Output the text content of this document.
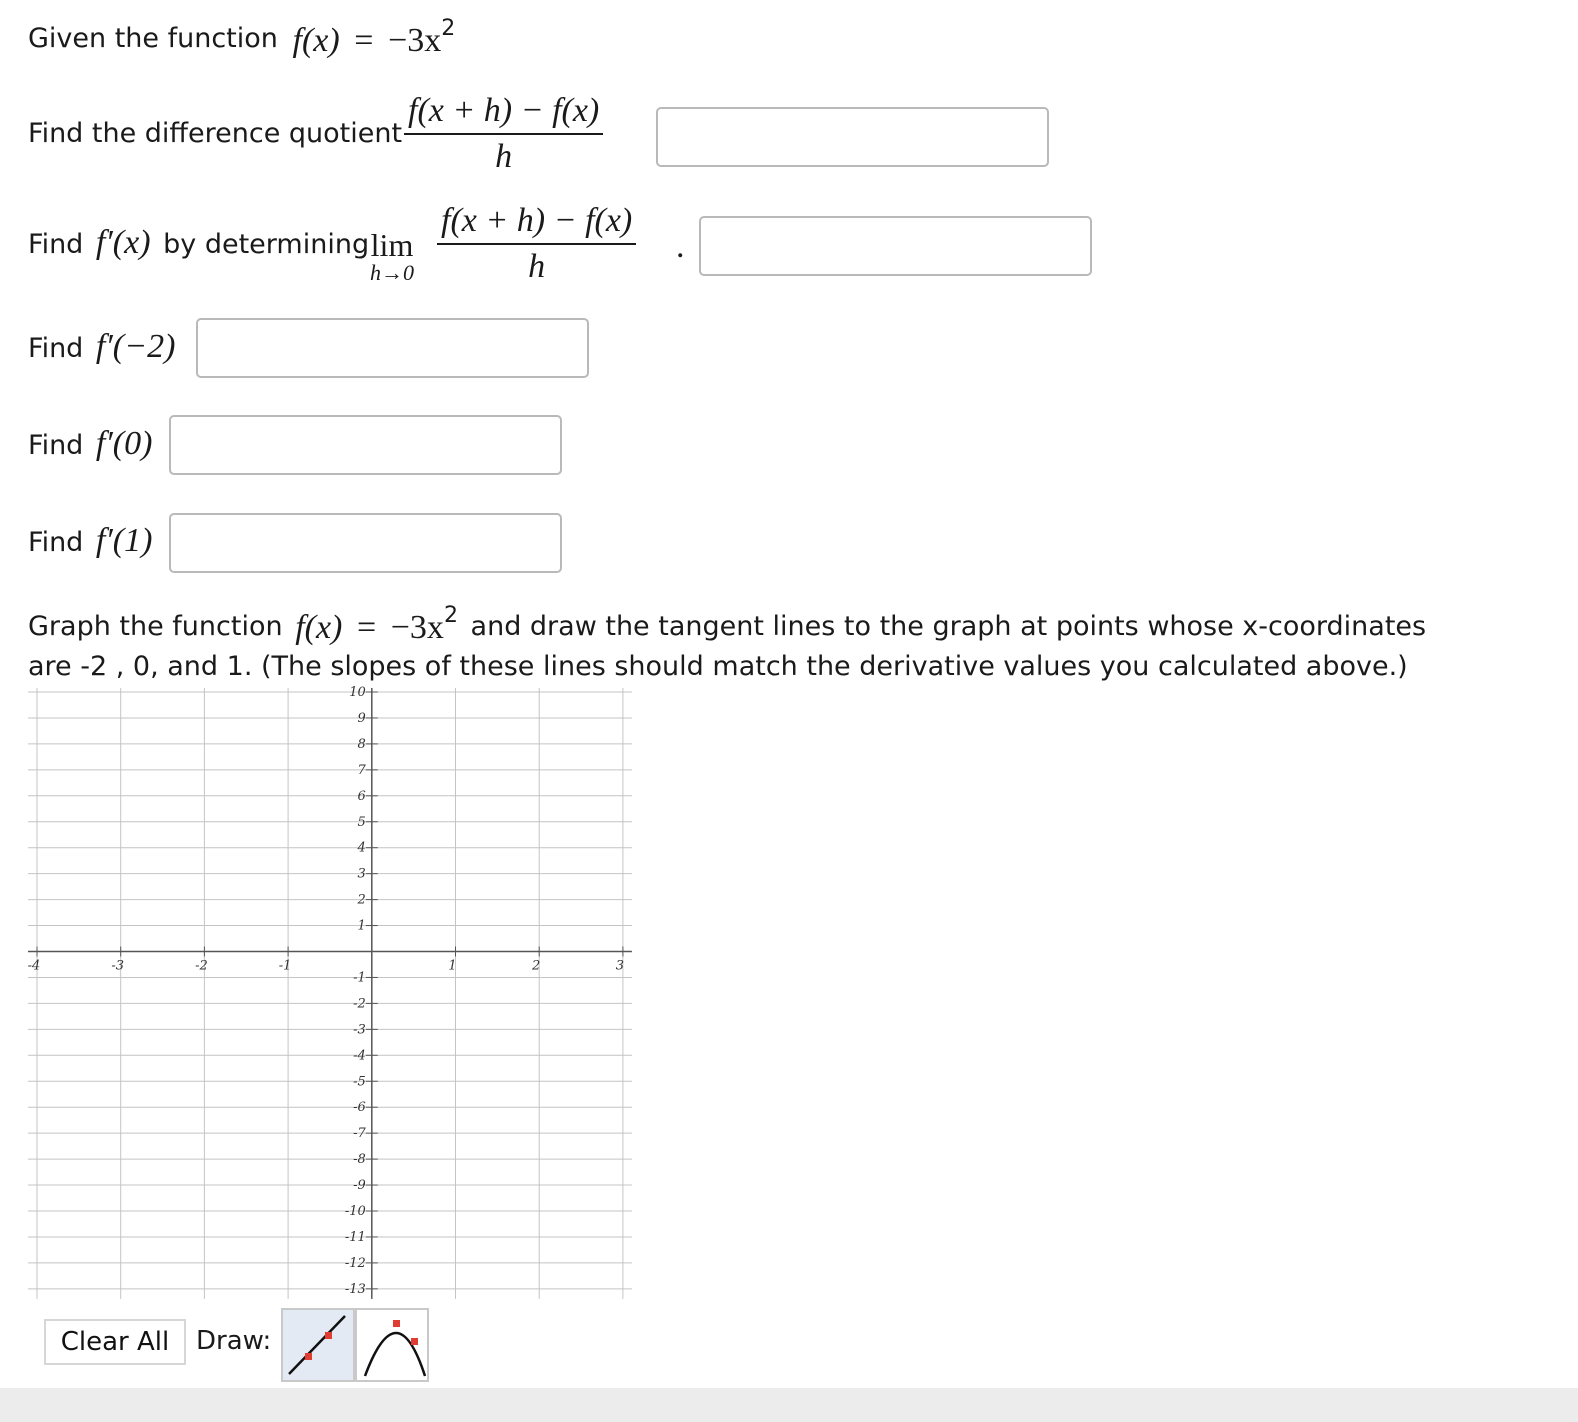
Given the function $f(x) = -3x^2$
Find the difference quotient $\frac{f(x + h) - f(x)}{h}$
Find f′(x) by determining lim
$h\to 0 \frac{f(x + h) - f(x)}{h}$ .
Find f′(−2)
Find f′(0)
Find f′(1)
Graph the function $f(x) = -3x^2$ and draw the tangent lines to the graph at points whose x-coordinates
are -2 , 0, and 1. (The slopes of these lines should match the derivative values you calculated above.)
10
9
8
7
6
5
4
3
2
1
-1
-2
-3
-4
-5
-6
-7
-8
-9
-10
-11
-12
-13
-4	-3	-2	-1	1	2	3
Clear All	Draw:
